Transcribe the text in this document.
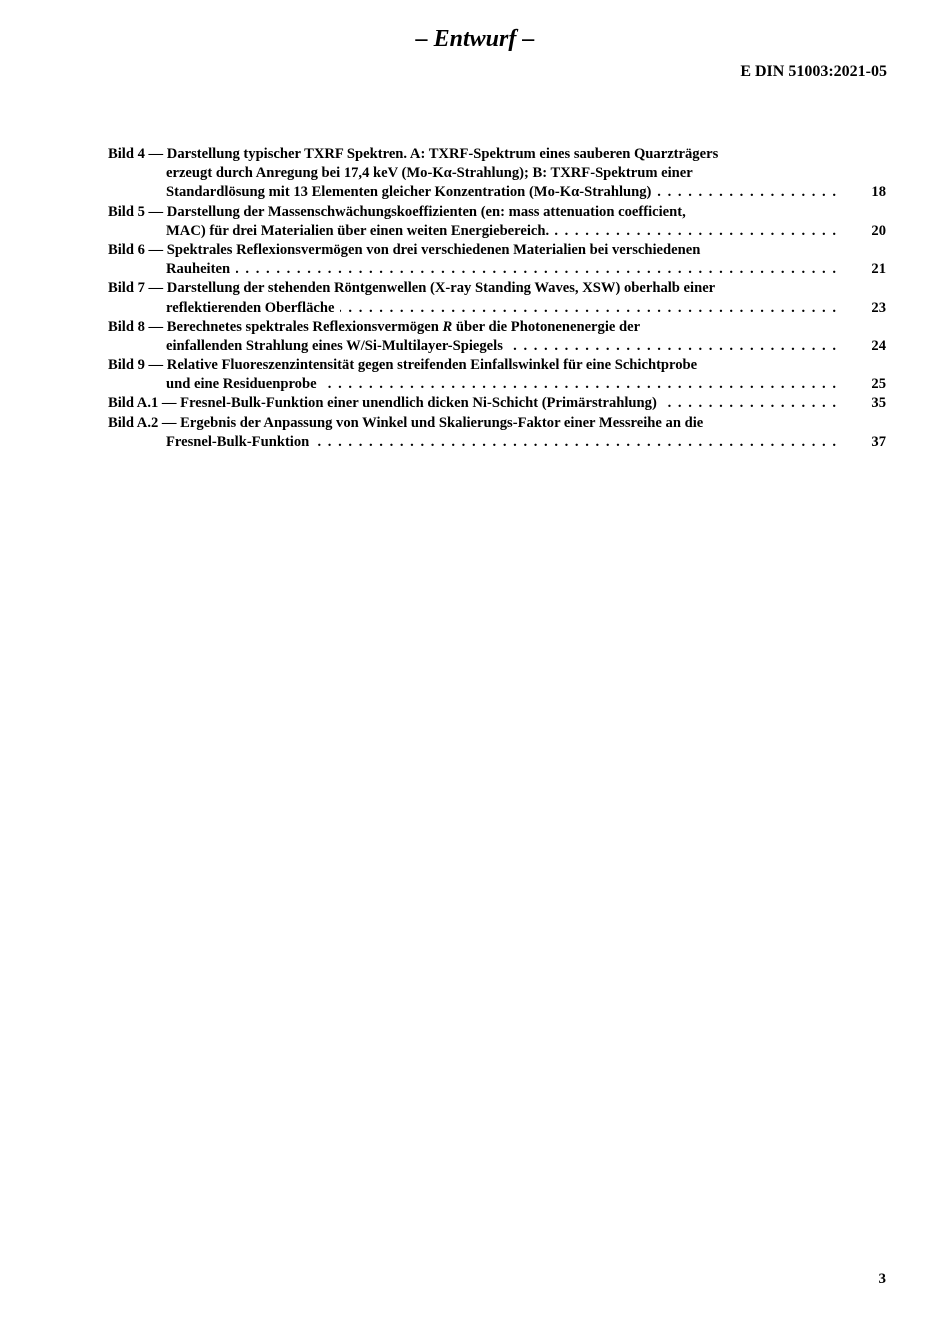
– Entwurf –
E DIN 51003:2021-05
Bild 4 — Darstellung typischer TXRF Spektren. A: TXRF-Spektrum eines sauberen Quarzträgers
erzeugt durch Anregung bei 17,4 keV (Mo-Kα-Strahlung); B: TXRF-Spektrum einer
Standardlösung mit 13 Elementen gleicher Konzentration (Mo-Kα-Strahlung) . . .	18
Bild 5 — Darstellung der Massenschwächungskoeffizienten (en: mass attenuation coefficient,
MAC) für drei Materialien über einen weiten Energiebereich. . . .	20
Bild 6 — Spektrales Reflexionsvermögen von drei verschiedenen Materialien bei verschiedenen
Rauheiten . . .	21
Bild 7 — Darstellung der stehenden Röntgenwellen (X-ray Standing Waves, XSW) oberhalb einer
reflektierenden Oberfläche . . .	23
Bild 8 — Berechnetes spektrales Reflexionsvermögen R über die Photonenenergie der
einfallenden Strahlung eines W/Si-Multilayer-Spiegels . . .	24
Bild 9 — Relative Fluoreszenzintensität gegen streifenden Einfallswinkel für eine Schichtprobe
und eine Residuenprobe . . .	25
Bild A.1 — Fresnel-Bulk-Funktion einer unendlich dicken Ni-Schicht (Primärstrahlung) . . .	35
Bild A.2 — Ergebnis der Anpassung von Winkel und Skalierungs-Faktor einer Messreihe an die
Fresnel-Bulk-Funktion . . .	37
3
